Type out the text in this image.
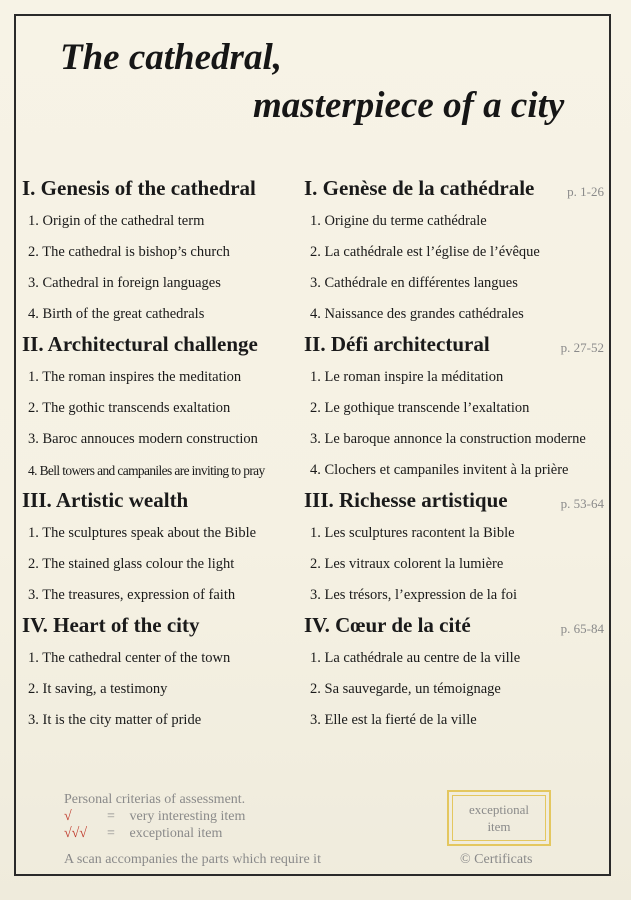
The cathedral,
masterpiece of a city
I. Genesis of the cathedral
1. Origin of the cathedral term
2. The cathedral is bishop’s church
3. Cathedral in foreign languages
4. Birth of the great cathedrals
II. Architectural challenge
1. The roman inspires the meditation
2. The gothic transcends exaltation
3. Baroc annouces modern construction
4. Bell towers and campaniles are inviting to pray
III. Artistic wealth
1. The sculptures speak about the Bible
2. The stained glass colour the light
3. The treasures, expression of faith
IV. Heart of the city
1. The cathedral center of the town
2. It saving, a testimony
3. It is the city matter of pride
I. Genèse de la cathédrale	p. 1-26
1. Origine du terme cathédrale
2. La cathédrale est l’église de l’évêque
3. Cathédrale en différentes langues
4. Naissance des grandes cathédrales
II. Défi architectural	p. 27-52
1. Le roman inspire la méditation
2. Le gothique transcende l’exaltation
3. Le baroque annonce la construction moderne
4. Clochers et campaniles invitent à la prière
III. Richesse artistique	p. 53-64
1. Les sculptures racontent la Bible
2. Les vitraux colorent la lumière
3. Les trésors, l’expression de la foi
IV. Cœur de la cité	p. 65-84
1. La cathédrale au centre de la ville
2. Sa sauvegarde, un témoignage
3. Elle est la fierté de la ville
Personal criterias of assessment.
√	= very interesting item
√√√ = exceptional item
A scan accompanies the parts which require it
exceptional
item
© Certificats
